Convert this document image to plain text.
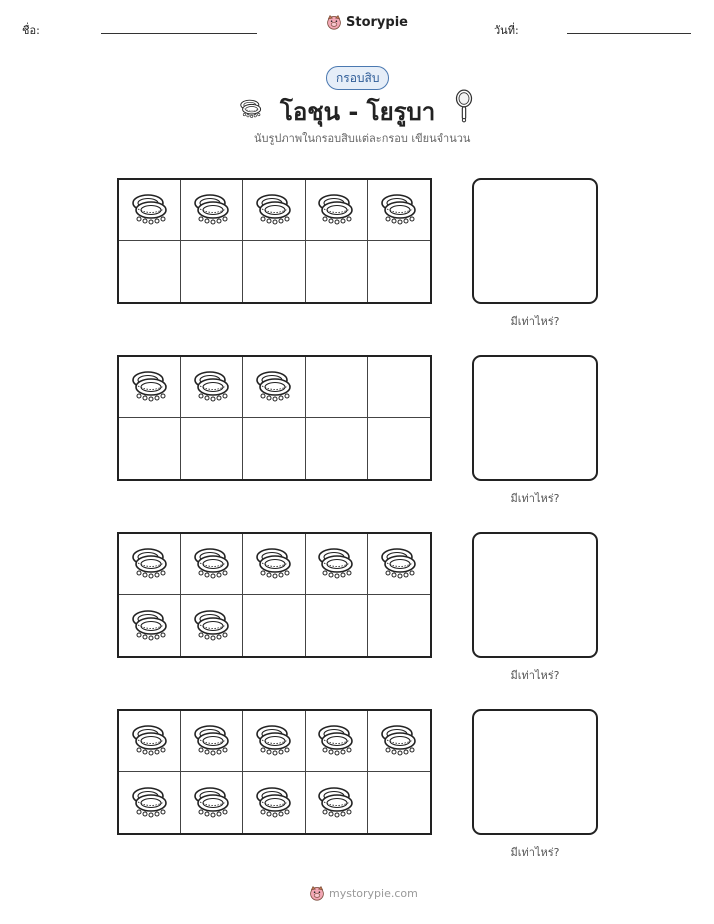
ชื่อ:
Storypie
วันที่:
กรอบสิบ
โอชุน - โยรูบา
นับรูปภาพในกรอบสิบแต่ละกรอบ เขียนจำนวน
มีเท่าไหร่?
มีเท่าไหร่?
มีเท่าไหร่?
มีเท่าไหร่?
mystorypie.com
